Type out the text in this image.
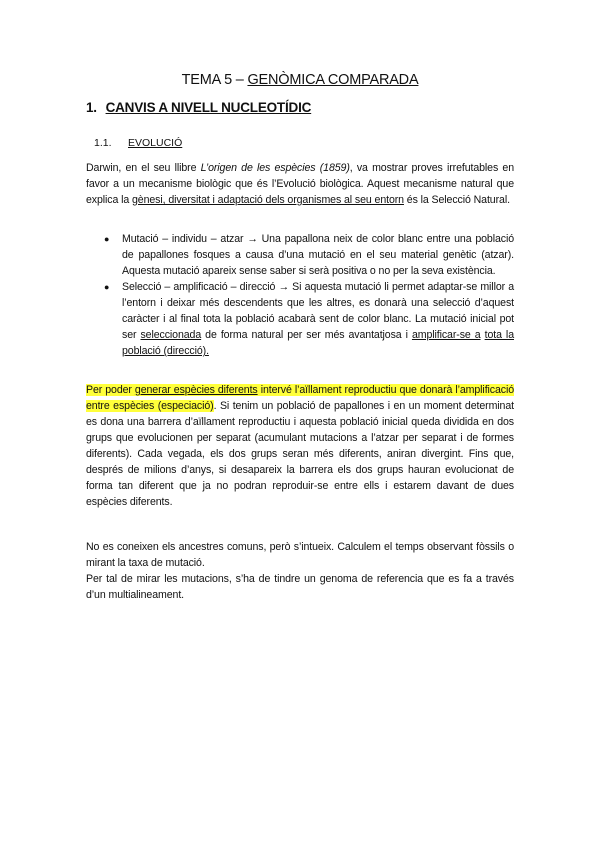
TEMA 5 – GENÒMICA COMPARADA
1. CANVIS A NIVELL NUCLEOTÍDIC
1.1. EVOLUCIÓ
Darwin, en el seu llibre L’origen de les espècies (1859), va mostrar proves irrefutables en favor a un mecanisme biològic que és l’Evolució biològica. Aquest mecanisme natural que explica la gènesi, diversitat i adaptació dels organismes al seu entorn és la Selecció Natural.
● Mutació – individu – atzar → Una papallona neix de color blanc entre una població de papallones fosques a causa d’una mutació en el seu material genètic (atzar). Aquesta mutació apareix sense saber si serà positiva o no per la seva existència.
● Selecció – amplificació – direcció → Si aquesta mutació li permet adaptar-se millor a l’entorn i deixar més descendents que les altres, es donarà una selecció d’aquest caràcter i al final tota la població acabarà sent de color blanc. La mutació inicial pot ser seleccionada de forma natural per ser més avantatjosa i amplificar-se a tota la població (direcció).
Per poder generar espècies diferents intervé l’aïllament reproductiu que donarà l’amplificació entre espècies (especiació). Si tenim un població de papallones i en un moment determinat es dona una barrera d’aïllament reproductiu i aquesta població inicial queda dividida en dos grups que evolucionen per separat (acumulant mutacions a l’atzar per separat i de formes diferents). Cada vegada, els dos grups seran més diferents, aniran divergint. Fins que, després de milions d’anys, si desapareix la barrera els dos grups hauran evolucionat de forma tan diferent que ja no podran reproduir-se entre ells i estarem davant de dues espècies diferents.
No es coneixen els ancestres comuns, però s’intueix. Calculem el temps observant fòssils o mirant la taxa de mutació.
Per tal de mirar les mutacions, s’ha de tindre un genoma de referencia que es fa a través d’un multialineament.
